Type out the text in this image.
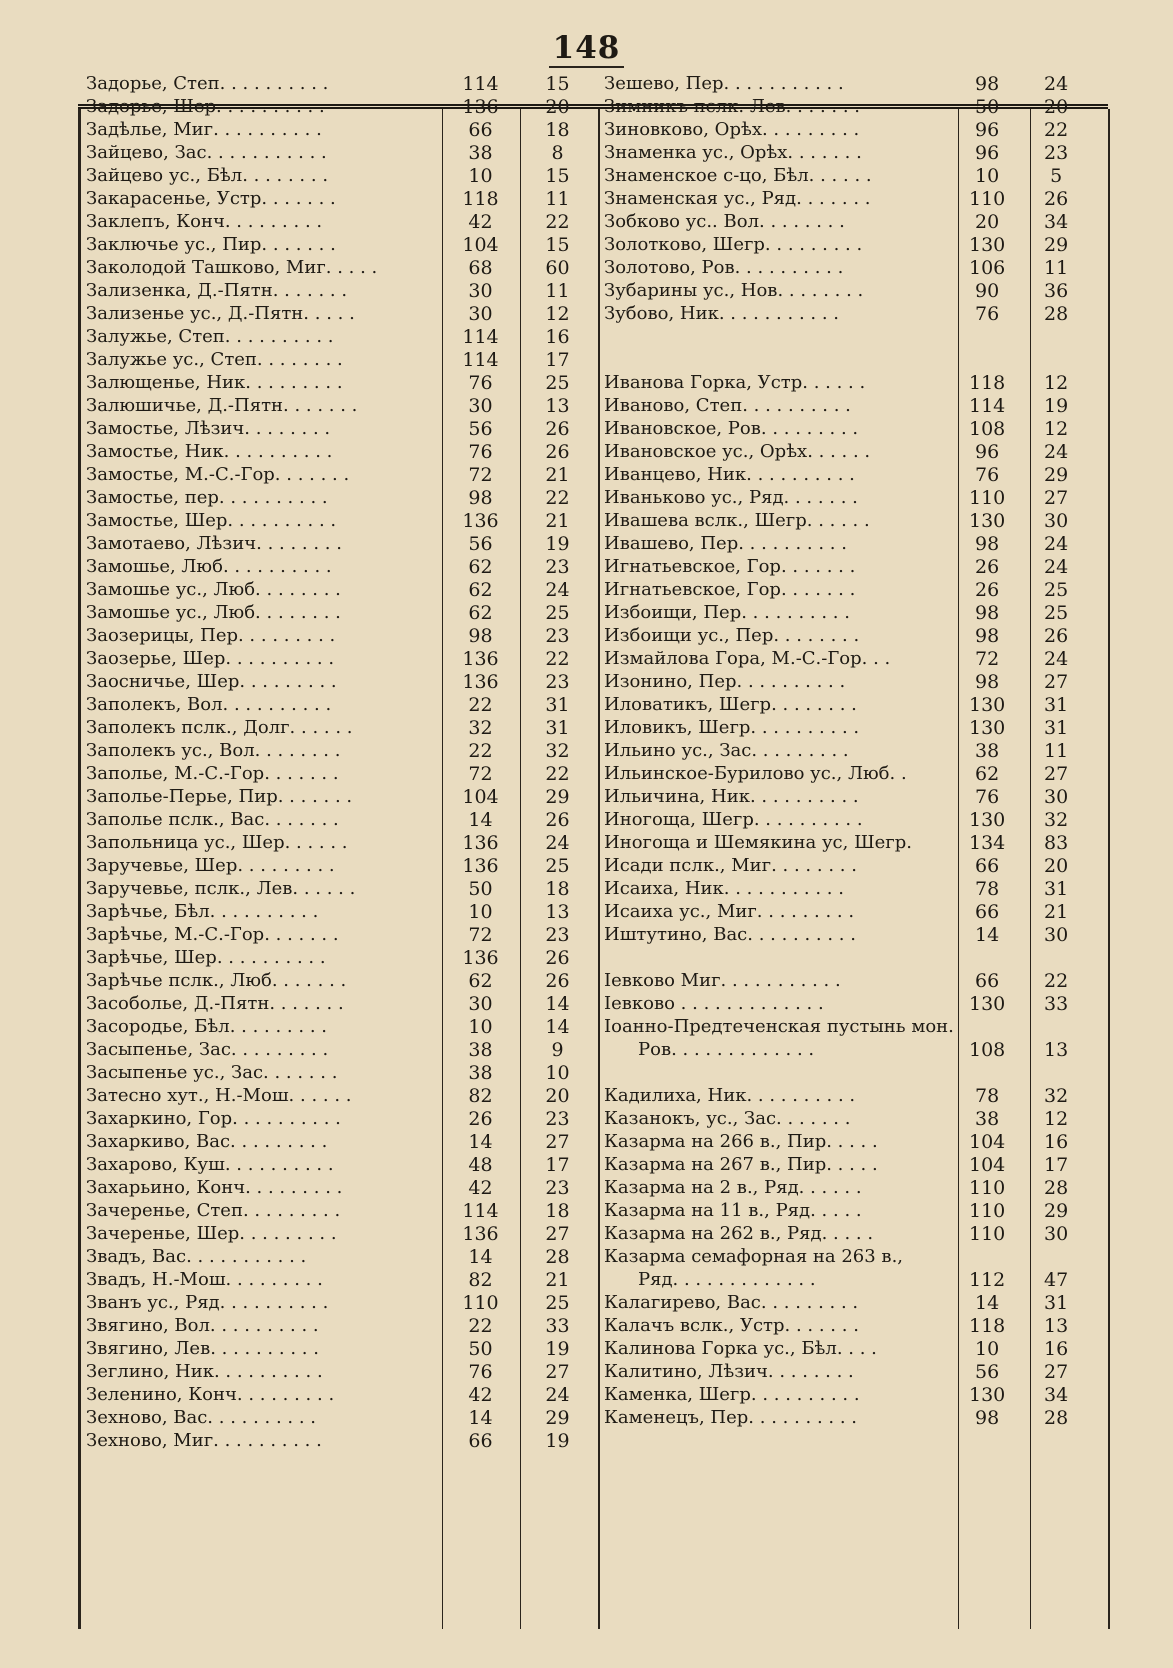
148
Задорье, Степ. . . . . . . . . .	114	15
Задорье, Шер. . . . . . . . . .	136	20
Задѣлье, Миг. . . . . . . . . .	66	18
Зайцево, Зас. . . . . . . . . . .	38	8
Зайцево ус., Бѣл. . . . . . . .	10	15
Закарасенье, Устр. . . . . . .	118	11
Заклепъ, Конч. . . . . . . . .	42	22
Заключье ус., Пир. . . . . . .	104	15
Заколодой Ташково, Миг. . . . .	68	60
Зализенка, Д.-Пятн. . . . . . .	30	11
Зализенье ус., Д.-Пятн. . . . .	30	12
Залужье, Степ. . . . . . . . . .	114	16
Залужье ус., Степ. . . . . . . .	114	17
Залющенье, Ник. . . . . . . . .	76	25
Залюшичье, Д.-Пятн. . . . . . .	30	13
Замостье, Лѣзич. . . . . . . .	56	26
Замостье, Ник. . . . . . . . . .	76	26
Замостье, М.-С.-Гор. . . . . . .	72	21
Замостье, пер. . . . . . . . . .	98	22
Замостье, Шер. . . . . . . . . .	136	21
Замотаево, Лѣзич. . . . . . . .	56	19
Замошье, Люб. . . . . . . . . .	62	23
Замошье ус., Люб. . . . . . . .	62	24
Замошье ус., Люб. . . . . . . .	62	25
Заозерицы, Пер. . . . . . . . .	98	23
Заозерье, Шер. . . . . . . . . .	136	22
Заосничье, Шер. . . . . . . . .	136	23
Заполекъ, Вол. . . . . . . . . .	22	31
Заполекъ пслк., Долг. . . . . .	32	31
Заполекъ ус., Вол. . . . . . . .	22	32
Заполье, М.-С.-Гор. . . . . . .	72	22
Заполье-Перье, Пир. . . . . . .	104	29
Заполье пслк., Вас. . . . . . .	14	26
Запольница ус., Шер. . . . . .	136	24
Заручевье, Шер. . . . . . . . .	136	25
Заручевье, пслк., Лев. . . . . .	50	18
Зарѣчье, Бѣл. . . . . . . . . .	10	13
Зарѣчье, М.-С.-Гор. . . . . . .	72	23
Зарѣчье, Шер. . . . . . . . . .	136	26
Зарѣчье пслк., Люб. . . . . . .	62	26
Засоболье, Д.-Пятн. . . . . . .	30	14
Засородье, Бѣл. . . . . . . . .	10	14
Засыпенье, Зас. . . . . . . . .	38	9
Засыпенье ус., Зас. . . . . . .	38	10
Затесно хут., Н.-Мош. . . . . .	82	20
Захаркино, Гор. . . . . . . . . .	26	23
Захаркиво, Вас. . . . . . . . .	14	27
Захарово, Куш. . . . . . . . . .	48	17
Захарьино, Конч. . . . . . . . .	42	23
Зачеренье, Степ. . . . . . . . .	114	18
Зачеренье, Шер. . . . . . . . .	136	27
Звадъ, Вас. . . . . . . . . . .	14	28
Звадъ, Н.-Мош. . . . . . . . .	82	21
Званъ ус., Ряд. . . . . . . . . .	110	25
Звягино, Вол. . . . . . . . . .	22	33
Звягино, Лев. . . . . . . . . .	50	19
Зеглино, Ник. . . . . . . . . .	76	27
Зеленино, Конч. . . . . . . . .	42	24
Зехново, Вас. . . . . . . . . .	14	29
Зехново, Миг. . . . . . . . . .	66	19
Зешево, Пер. . . . . . . . . . .	98	24
Зимникъ пслк. Лев. . . . . . .	50	20
Зиновково, Орѣх. . . . . . . . .	96	22
Знаменка ус., Орѣх. . . . . . .	96	23
Знаменское с-цо, Бѣл. . . . . .	10	5
Знаменская ус., Ряд. . . . . . .	110	26
Зобково ус.. Вол. . . . . . . .	20	34
Золотково, Шегр. . . . . . . . .	130	29
Золотово, Ров. . . . . . . . . .	106	11
Зубарины ус., Нов. . . . . . . .	90	36
Зубово, Ник. . . . . . . . . . .	76	28
Иванова Горка, Устр. . . . . .	118	12
Иваново, Степ. . . . . . . . . .	114	19
Ивановское, Ров. . . . . . . . .	108	12
Ивановское ус., Орѣх. . . . . .	96	24
Иванцево, Ник. . . . . . . . . .	76	29
Иваньково ус., Ряд. . . . . . .	110	27
Ивашева вслк., Шегр. . . . . .	130	30
Ивашево, Пер. . . . . . . . . .	98	24
Игнатьевское, Гор. . . . . . .	26	24
Игнатьевское, Гор. . . . . . .	26	25
Избоищи, Пер. . . . . . . . . .	98	25
Избоищи ус., Пер. . . . . . . .	98	26
Измайлова Гора, М.-С.-Гор. . .	72	24
Изонино, Пер. . . . . . . . . .	98	27
Иловатикъ, Шегр. . . . . . . .	130	31
Иловикъ, Шегр. . . . . . . . . .	130	31
Ильино ус., Зас. . . . . . . . .	38	11
Ильинское-Бурилово ус., Люб. .	62	27
Ильичина, Ник. . . . . . . . . .	76	30
Иногоща, Шегр. . . . . . . . . .	130	32
Иногоща и Шемякина ус, Шегр.	134	83
Исади пслк., Миг. . . . . . . .	66	20
Исаиха, Ник. . . . . . . . . . .	78	31
Исаиха ус., Миг. . . . . . . . .	66	21
Иштутино, Вас. . . . . . . . . .	14	30
Іевково Миг. . . . . . . . . . .	66	22
Іевково . . . . . . . . . . . . .	130	33
Іоанно-Предтеченская пустынь мон.
Ров. . . . . . . . . . . . .	108	13
Кадилиха, Ник. . . . . . . . . .	78	32
Казанокъ, ус., Зас. . . . . . .	38	12
Казарма на 266 в., Пир. . . . .	104	16
Казарма на 267 в., Пир. . . . .	104	17
Казарма на 2 в., Ряд. . . . . .	110	28
Казарма на 11 в., Ряд. . . . .	110	29
Казарма на 262 в., Ряд. . . . .	110	30
Казарма семафорная на 263 в.,
Ряд. . . . . . . . . . . . .	112	47
Калагирево, Вас. . . . . . . . .	14	31
Калачъ вслк., Устр. . . . . . .	118	13
Калинова Горка ус., Бѣл. . . .	10	16
Калитино, Лѣзич. . . . . . . .	56	27
Каменка, Шегр. . . . . . . . . .	130	34
Каменецъ, Пер. . . . . . . . . .	98	28
